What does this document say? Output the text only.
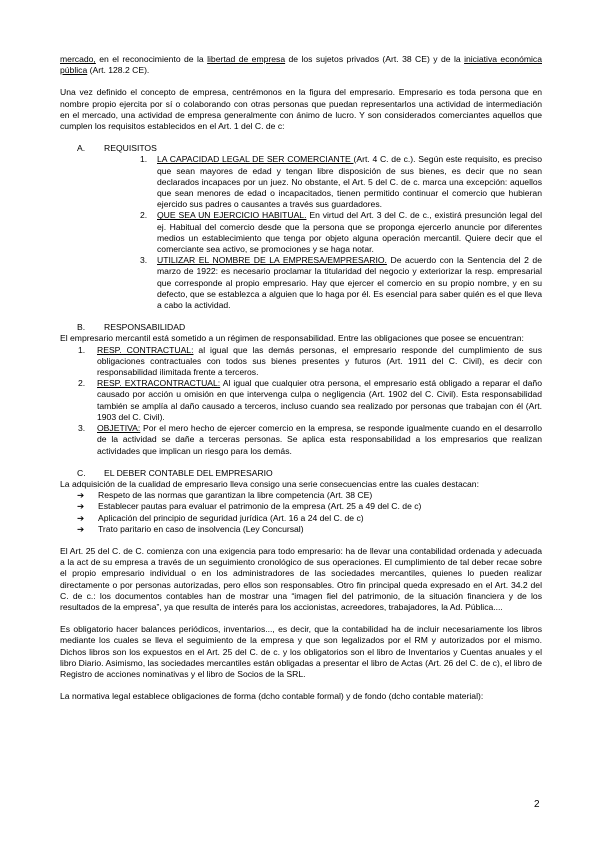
mercado, en el reconocimiento de la libertad de empresa de los sujetos privados (Art. 38 CE) y de la iniciativa económica pública (Art. 128.2 CE).

Una vez definido el concepto de empresa, centrémonos en la figura del empresario. Empresario es toda persona que en nombre propio ejercita por sí o colaborando con otras personas que puedan representarlos una actividad de intermediación en el mercado, una actividad de empresa generalmente con ánimo de lucro. Y son considerados comerciantes aquellos que cumplen los requisitos establecidos en el Art. 1 del C. de c:

A. REQUISITOS
1. LA CAPACIDAD LEGAL DE SER COMERCIANTE (Art. 4 C. de c.). Según este requisito, es preciso que sean mayores de edad y tengan libre disposición de sus bienes, es decir que no sean declarados incapaces por un juez. No obstante, el Art. 5 del C. de c. marca una excepción: aquellos que sean menores de edad o incapacitados, tienen permitido continuar el comercio que hubieran ejercido sus padres o causantes a través sus guardadores.
2. QUE SEA UN EJERCICIO HABITUAL. En virtud del Art. 3 del C. de c., existirá presunción legal del ej. Habitual del comercio desde que la persona que se proponga ejercerlo anuncie por diferentes medios un establecimiento que tenga por objeto alguna operación mercantil. Quiere decir que el comerciante sea activo, se promociones y se haga notar.
3. UTILIZAR EL NOMBRE DE LA EMPRESA/EMPRESARIO. De acuerdo con la Sentencia del 2 de marzo de 1922: es necesario proclamar la titularidad del negocio y exteriorizar la resp. empresarial que corresponde al propio empresario. Hay que ejercer el comercio en su propio nombre, y en su defecto, que se establezca a alguien que lo haga por él. Es esencial para saber quién es el que lleva a cabo la actividad.
B. RESPONSABILIDAD

El empresario mercantil está sometido a un régimen de responsabilidad. Entre las obligaciones que posee se encuentran:

1. RESP. CONTRACTUAL: al igual que las demás personas, el empresario responde del cumplimiento de sus obligaciones contractuales con todos sus bienes presentes y futuros (Art. 1911 del C. Civil), es decir con responsabilidad ilimitada frente a terceros.
2. RESP. EXTRACONTRACTUAL: Al igual que cualquier otra persona, el empresario está obligado a reparar el daño causado por acción u omisión en que intervenga culpa o negligencia (Art. 1902 del C. Civil). Esta responsabilidad también se amplía al daño causado a terceros, incluso cuando sea realizado por personas que trabajan con él (Art. 1903 del C. Civil).
3. OBJETIVA: Por el mero hecho de ejercer comercio en la empresa, se responde igualmente cuando en el desarrollo de la actividad se dañe a terceras personas. Se aplica esta responsabilidad a los empresarios que realizan actividades que implican un riesgo para los demás.
C. EL DEBER CONTABLE DEL EMPRESARIO

La adquisición de la cualidad de empresario lleva consigo una serie consecuencias entre las cuales destacan:

➔ Respeto de las normas que garantizan la libre competencia (Art. 38 CE)
➔ Establecer pautas para evaluar el patrimonio de la empresa (Art. 25 a 49 del C. de c)
➔ Aplicación del principio de seguridad jurídica (Art. 16 a 24 del C. de c)
➔ Trato paritario en caso de insolvencia (Ley Concursal)

El Art. 25 del C. de C. comienza con una exigencia para todo empresario: ha de llevar una contabilidad ordenada y adecuada a la act de su empresa a través de un seguimiento cronológico de sus operaciones. El cumplimiento de tal deber recae sobre el propio empresario individual o en los administradores de las sociedades mercantiles, quienes lo pueden realizar directamente o por personas autorizadas, pero ellos son responsables. Otro fin principal queda expresado en el Art. 34.2 del C. de c.: los documentos contables han de mostrar una “imagen fiel del patrimonio, de la situación financiera y de los resultados de la empresa”, ya que resulta de interés para los accionistas, acreedores, trabajadores, la Ad. Pública....

Es obligatorio hacer balances periódicos, inventarios..., es decir, que la contabilidad ha de incluir necesariamente los libros mediante los cuales se lleva el seguimiento de la empresa y que son legalizados por el RM y autorizados por el mismo. Dichos libros son los expuestos en el Art. 25 del C. de c. y los obligatorios son el libro de Inventarios y Cuentas anuales y el libro Diario. Asimismo, las sociedades mercantiles están obligadas a presentar el libro de Actas (Art. 26 del C. de c), el libro de Registro de acciones nominativas y el libro de Socios de la SRL.

La normativa legal establece obligaciones de forma (dcho contable formal) y de fondo (dcho contable material):

2
